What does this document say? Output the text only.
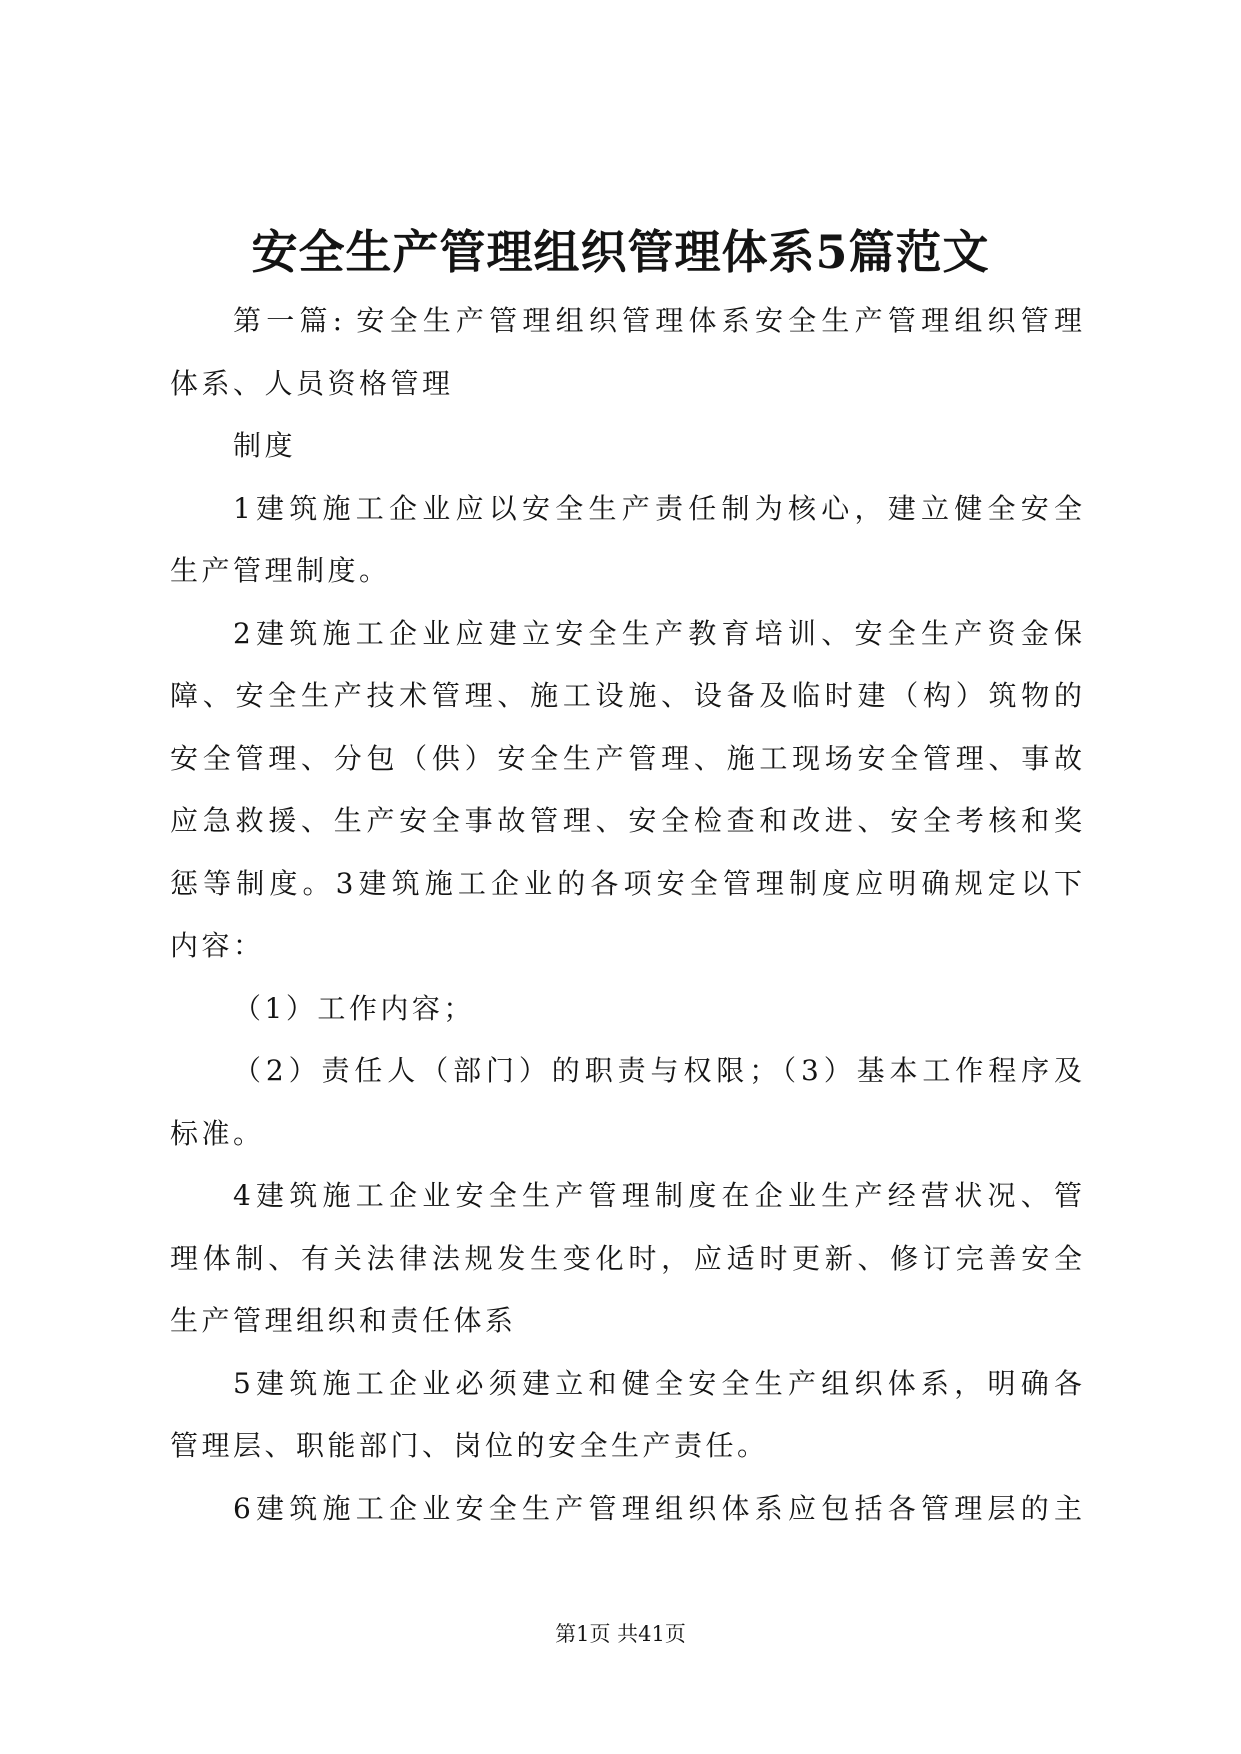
安全生产管理组织管理体系5篇范文
第一篇: 安全生产管理组织管理体系安全生产管理组织管理
体系、人员资格管理
制度
1建筑施工企业应以安全生产责任制为核心，建立健全安全
生产管理制度。
2建筑施工企业应建立安全生产教育培训、安全生产资金保
障、安全生产技术管理、施工设施、设备及临时建（构）筑物的
安全管理、分包（供）安全生产管理、施工现场安全管理、事故
应急救援、生产安全事故管理、安全检查和改进、安全考核和奖
惩等制度。3建筑施工企业的各项安全管理制度应明确规定以下
内容：
（1）工作内容；
（2）责任人（部门）的职责与权限；（3）基本工作程序及
标准。
4建筑施工企业安全生产管理制度在企业生产经营状况、管
理体制、有关法律法规发生变化时，应适时更新、修订完善安全
生产管理组织和责任体系
5建筑施工企业必须建立和健全安全生产组织体系，明确各
管理层、职能部门、岗位的安全生产责任。
6建筑施工企业安全生产管理组织体系应包括各管理层的主
第1页 共41页
